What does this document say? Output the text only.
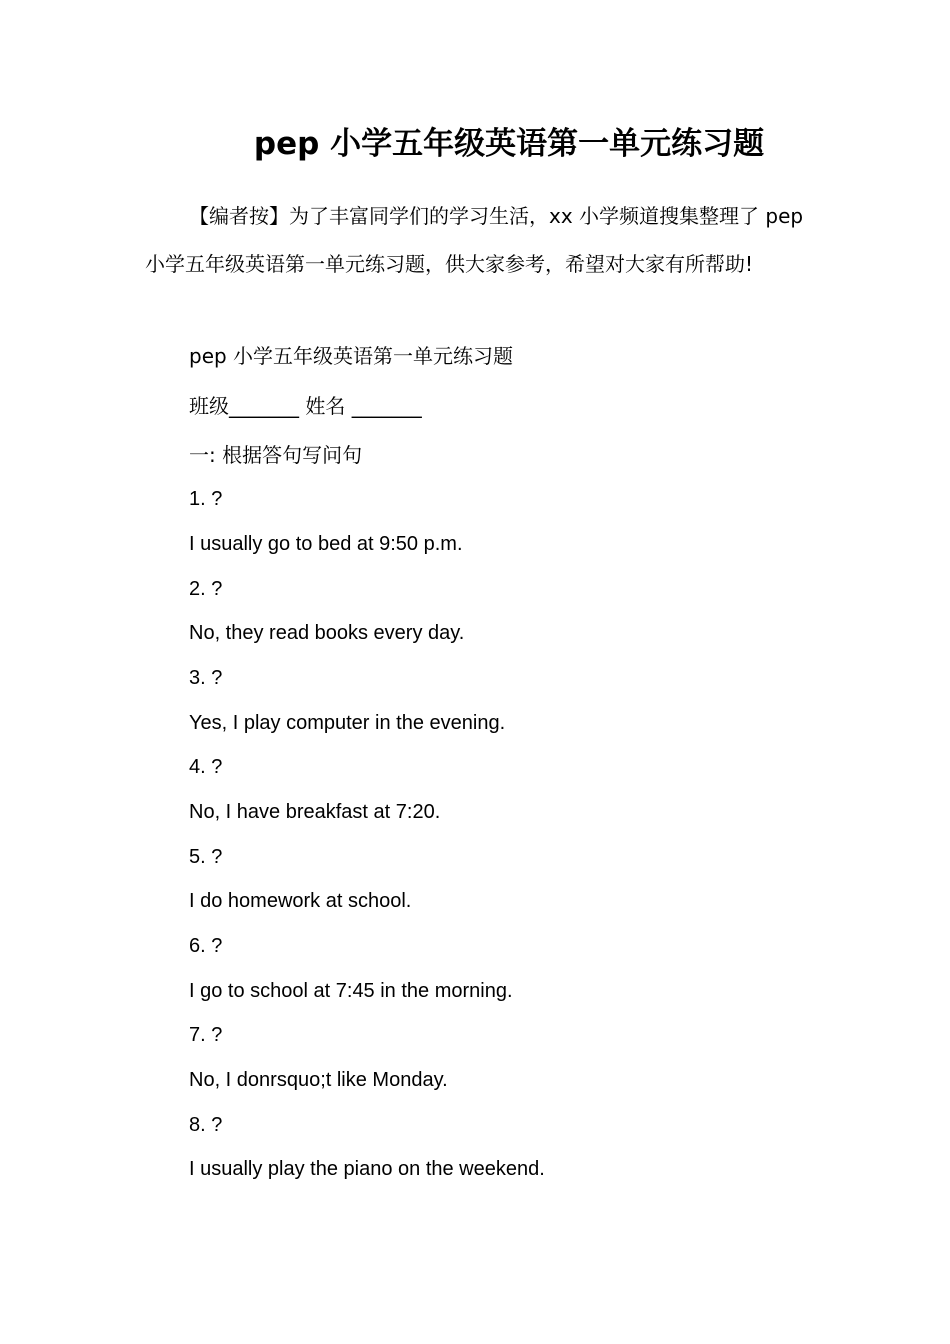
pep 小学五年级英语第一单元练习题
【编者按】为了丰富同学们的学习生活，xx 小学频道搜集整理了 pep 小学五年级英语第一单元练习题，供大家参考，希望对大家有所帮助!
pep 小学五年级英语第一单元练习题
班级_______ 姓名 _______
一: 根据答句写问句
1. ?
I usually go to bed at 9:50 p.m.
2. ?
No, they read books every day.
3. ?
Yes, I play computer in the evening.
4. ?
No, I have breakfast at 7:20.
5. ?
I do homework at school.
6. ?
I go to school at 7:45 in the morning.
7. ?
No, I donrsquo;t like Monday.
8. ?
I usually play the piano on the weekend.
